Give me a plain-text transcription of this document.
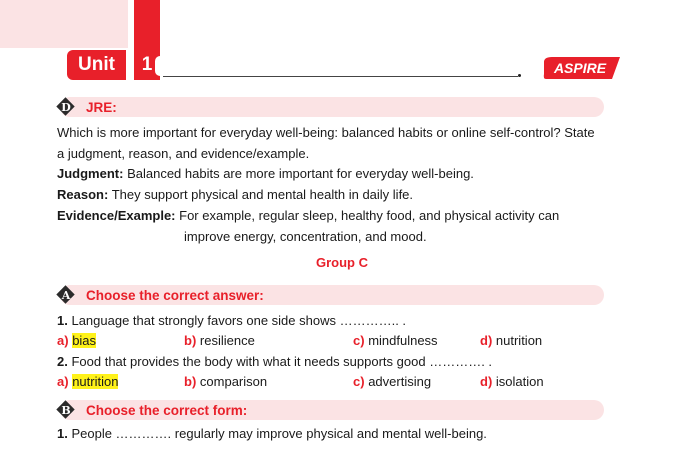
Unit	1	ASPIRE
D	JRE:
Which is more important for everyday well-being: balanced habits or online self-control? State
a judgment, reason, and evidence/example.
Judgment: Balanced habits are more important for everyday well-being.
Reason: They support physical and mental health in daily life.
Evidence/Example: For example, regular sleep, healthy food, and physical activity can
improve energy, concentration, and mood.
Group C
A	Choose the correct answer:
1. Language that strongly favors one side shows ………….. .
a) bias	b) resilience	c) mindfulness	d) nutrition
2. Food that provides the body with what it needs supports good …………. .
a) nutrition	b) comparison	c) advertising	d) isolation
B	Choose the correct form:
1. People …………. regularly may improve physical and mental well-being.
